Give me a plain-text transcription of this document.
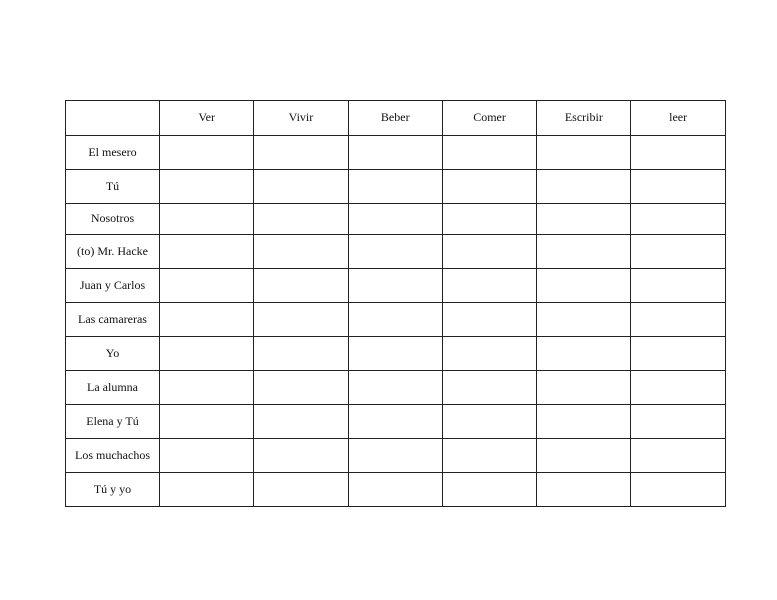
	Ver	Vivir	Beber	Comer	Escribir	leer
El mesero						
Tú						
Nosotros						
(to) Mr. Hacke						
Juan y Carlos						
Las camareras						
Yo						
La alumna						
Elena y Tú						
Los muchachos						
Tú y yo						
